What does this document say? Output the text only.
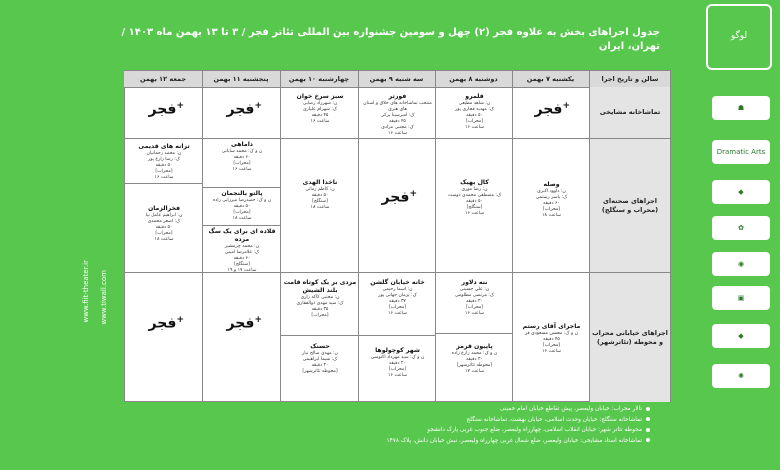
جدول اجراهای بخش به علاوه فجر (۲) چهل و سومین جشنواره بین المللی تئاتر فجر / ۳ تا ۱۳ بهمن ماه ۱۴۰۳ / تهران، ایران
لوگو
☗
Dramatic Arts
◆
✿
◉
▣
◆
✺
www.fiit-theater.ir www.tiwall.com
سالن و تاریخ اجرا
یکشنبه ۷ بهمن
دوشنبه ۸ بهمن
سه شنبه ۹ بهمن
چهارشنبه ۱۰ بهمن
پنجشنبه ۱۱ بهمن
جمعه ۱۲ بهمن
تماشاخانه مشایخی
اجراهای صحنه‌ای (محراب و سنگلج)
اجراهای خیابانی محراب و محوطه (تئاترشهر)
+فجر
قلمرو
ن: شاهد مطیعی
ک: مهدیه فخاری پور
۵۰ دقیقه
[محراب]
ساعت ۱۶
فورتر
منتخب تماشاخانه های خلاق و استان های هنری
ک: امیرسینا پرکی
۴۵ دقیقه
ک: مجتبی مرادی
ساعت ۱۶
سبز سرخ خوان
ن: شهرزاد رضایی
ک: شهرام علیاری
۴۵ دقیقه
ساعت ۱۶
+فجر
+فجر
وصله
ن: داوود اکبری
ک: یاسر رستمی
۶۰ دقیقه
[محراب]
ساعت ۱۸
کال بهیک
ن: رضا موری
ک: مصطفی محمدی دوست
۵۰ دقیقه
[سنگلج]
ساعت ۱۶
+فجر
ناخدا الهدی
ن: کاظم زمانی
۵۰ دقیقه
[سنگلج]
ساعت ۱۸
داماهی
ن و ک: محمد سایانی
۶۰ دقیقه
[محراب]
ساعت ۱۶
پالتو بالنجمان
ن و ک: حمیدرضا میرزایی زاده
۵۰ دقیقه
[محراب]
ساعت ۱۸
قلاده ای برای یک سگ مرده
ن: محمد چرمشیر
ک: غلامرضا امینی
۶۰ دقیقه
[سنگلج]
ساعت ۱۷ و ۱۹
ترانه های قدیمی
ن: محمد رحمانیان
ک: رضا زارع پور
۵۰ دقیقه
[محراب]
ساعت ۱۶
فخرالزمان
ن: ابراهیم عامل نیا
ک: اصغر محمدی
۵۰ دقیقه
[محراب]
ساعت ۱۸
ماجرای آقای رستم
ن و ک: محسن مسعودی فر
۴۵ دقیقه
[محراب]
ساعت ۱۶
ننه دلاور
ن: علی حسینی
ک: مرتضی مظلومی
۳۰ دقیقه
[محراب]
ساعت ۱۶
پاپیون قرمز
ن و ک: محمد زارع زاده
۳۰ دقیقه
[محوطه تئاترشهر]
ساعت ۱۷
خانه خیابان گلشن
ن: اسما رحیمی
ک: پژمان جهانی پور
۳۷ دقیقه
[محراب]
ساعت ۱۶
شهر کوچولوها
ن و ک: سید مهرداد اکتوسی
۲۰ دقیقه
[محراب]
ساعت ۱۶
مردی بر یک کوتاه قامت بلند الشیش
ن: مجتبی کاکه زاری
ک: سید مهدی ذوالفقاری
۳۵ دقیقه
[محراب]
حسنک
ن: مهدی صالح نیار
ک: شیما ابراهیمی
۳۰ دقیقه
[محوطه تئاترشهر]
+فجر
+فجر
تالار محراب: خیابان ولیعصر، پیش تقاطع خیابان امام خمینی
تماشاخانه سنگلج: خیابان وحدت اسلامی، خیابان بهشت، تماشاخانه سنگلج
محوطه تئاتر شهر: خیابان انقلاب اسلامی، چهارراه ولیعصر، ضلع جنوب غربی پارک دانشجو
تماشاخانه استاد مشایخی: خیابان ولیعصر، ضلع شمال غربی چهارراه ولیعصر، نبش خیابان دانش، پلاک ۱۴۷۸
